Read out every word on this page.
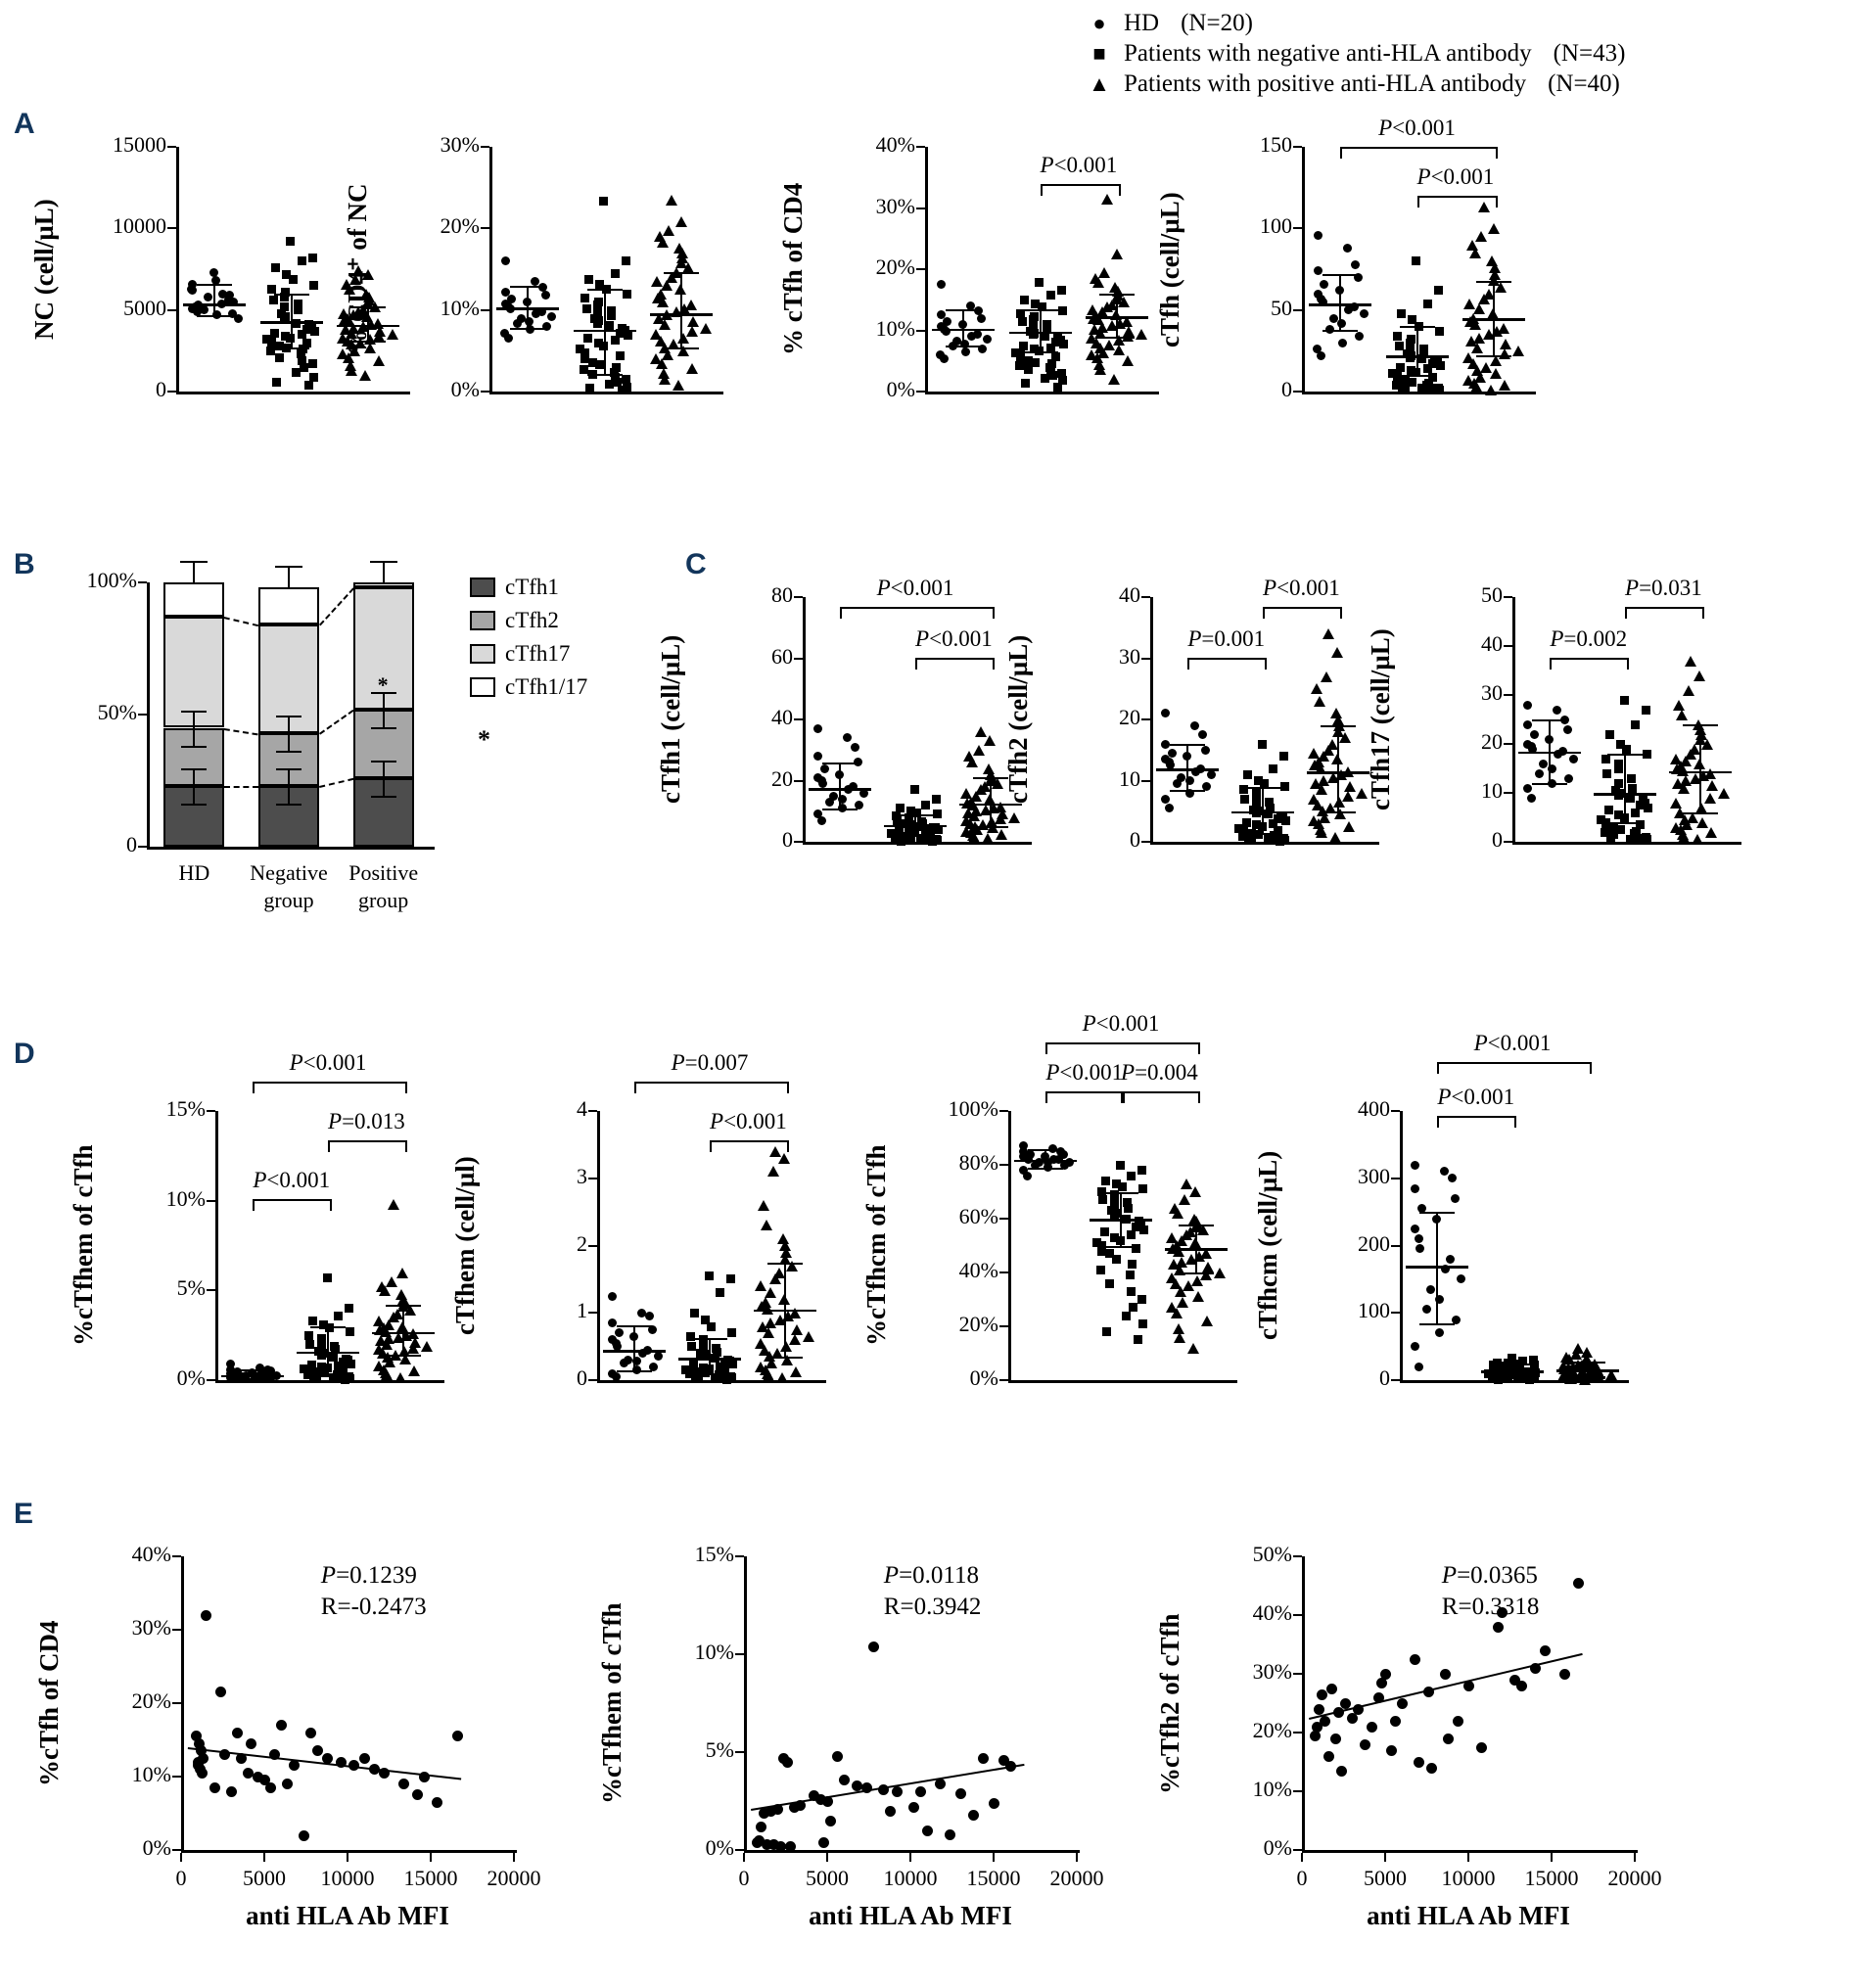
● HD (N=20)
■ Patients with negative anti-HLA antibody (N=43)
▲ Patients with positive anti-HLA antibody (N=40)
A
B	C
D
E
0
5000
10000
15000
NC (cell/µL)
0%
10%
20%
30%
% CD4⁺ of NC
0%
10%
20%
30%
40%
% cTfh of CD4
P<0.001
0
50
100
150
cTfh (cell/µL)
P<0.001
P<0.001
0
50%
100%
HD	Negative
group
Positive
group
cTfh1
cTfh2
cTfh17
cTfh1/17
*
*
0
20
40
60
80
cTfh1 (cell/µL)
P<0.001
P<0.001
0
10
20
30
40
cTfh2 (cell/µL)
P<0.001
P=0.001
0
10
20
30
40
50
cTfh17 (cell/µL)
P=0.031
P=0.002
0%
5%
10%
15%
%cTfhem of cTfh
P<0.001
P=0.013
P<0.001
0
1
2
3
4
cTfhem (cell/µl)
P=0.007
P<0.001
0%
20%
40%
60%
80%
100%
%cTfhcm of cTfh
P<0.001
P<0.001
P=0.004
0
100
200
300
400
cTfhcm (cell/µL)
P<0.001
P<0.001
0%
10%
20%
30%
40%
0	5000	10000	15000	20000
anti HLA Ab MFI
%cTfh of CD4
P=0.1239
R=-0.2473
0%
5%
10%
15%
0	5000	10000	15000	20000
anti HLA Ab MFI
%cTfhem of cTfh
P=0.0118
R=0.3942
0%
10%
20%
30%
40%
50%
0	5000	10000	15000	20000
anti HLA Ab MFI
%cTfh2 of cTfh
P=0.0365
R=0.3318
